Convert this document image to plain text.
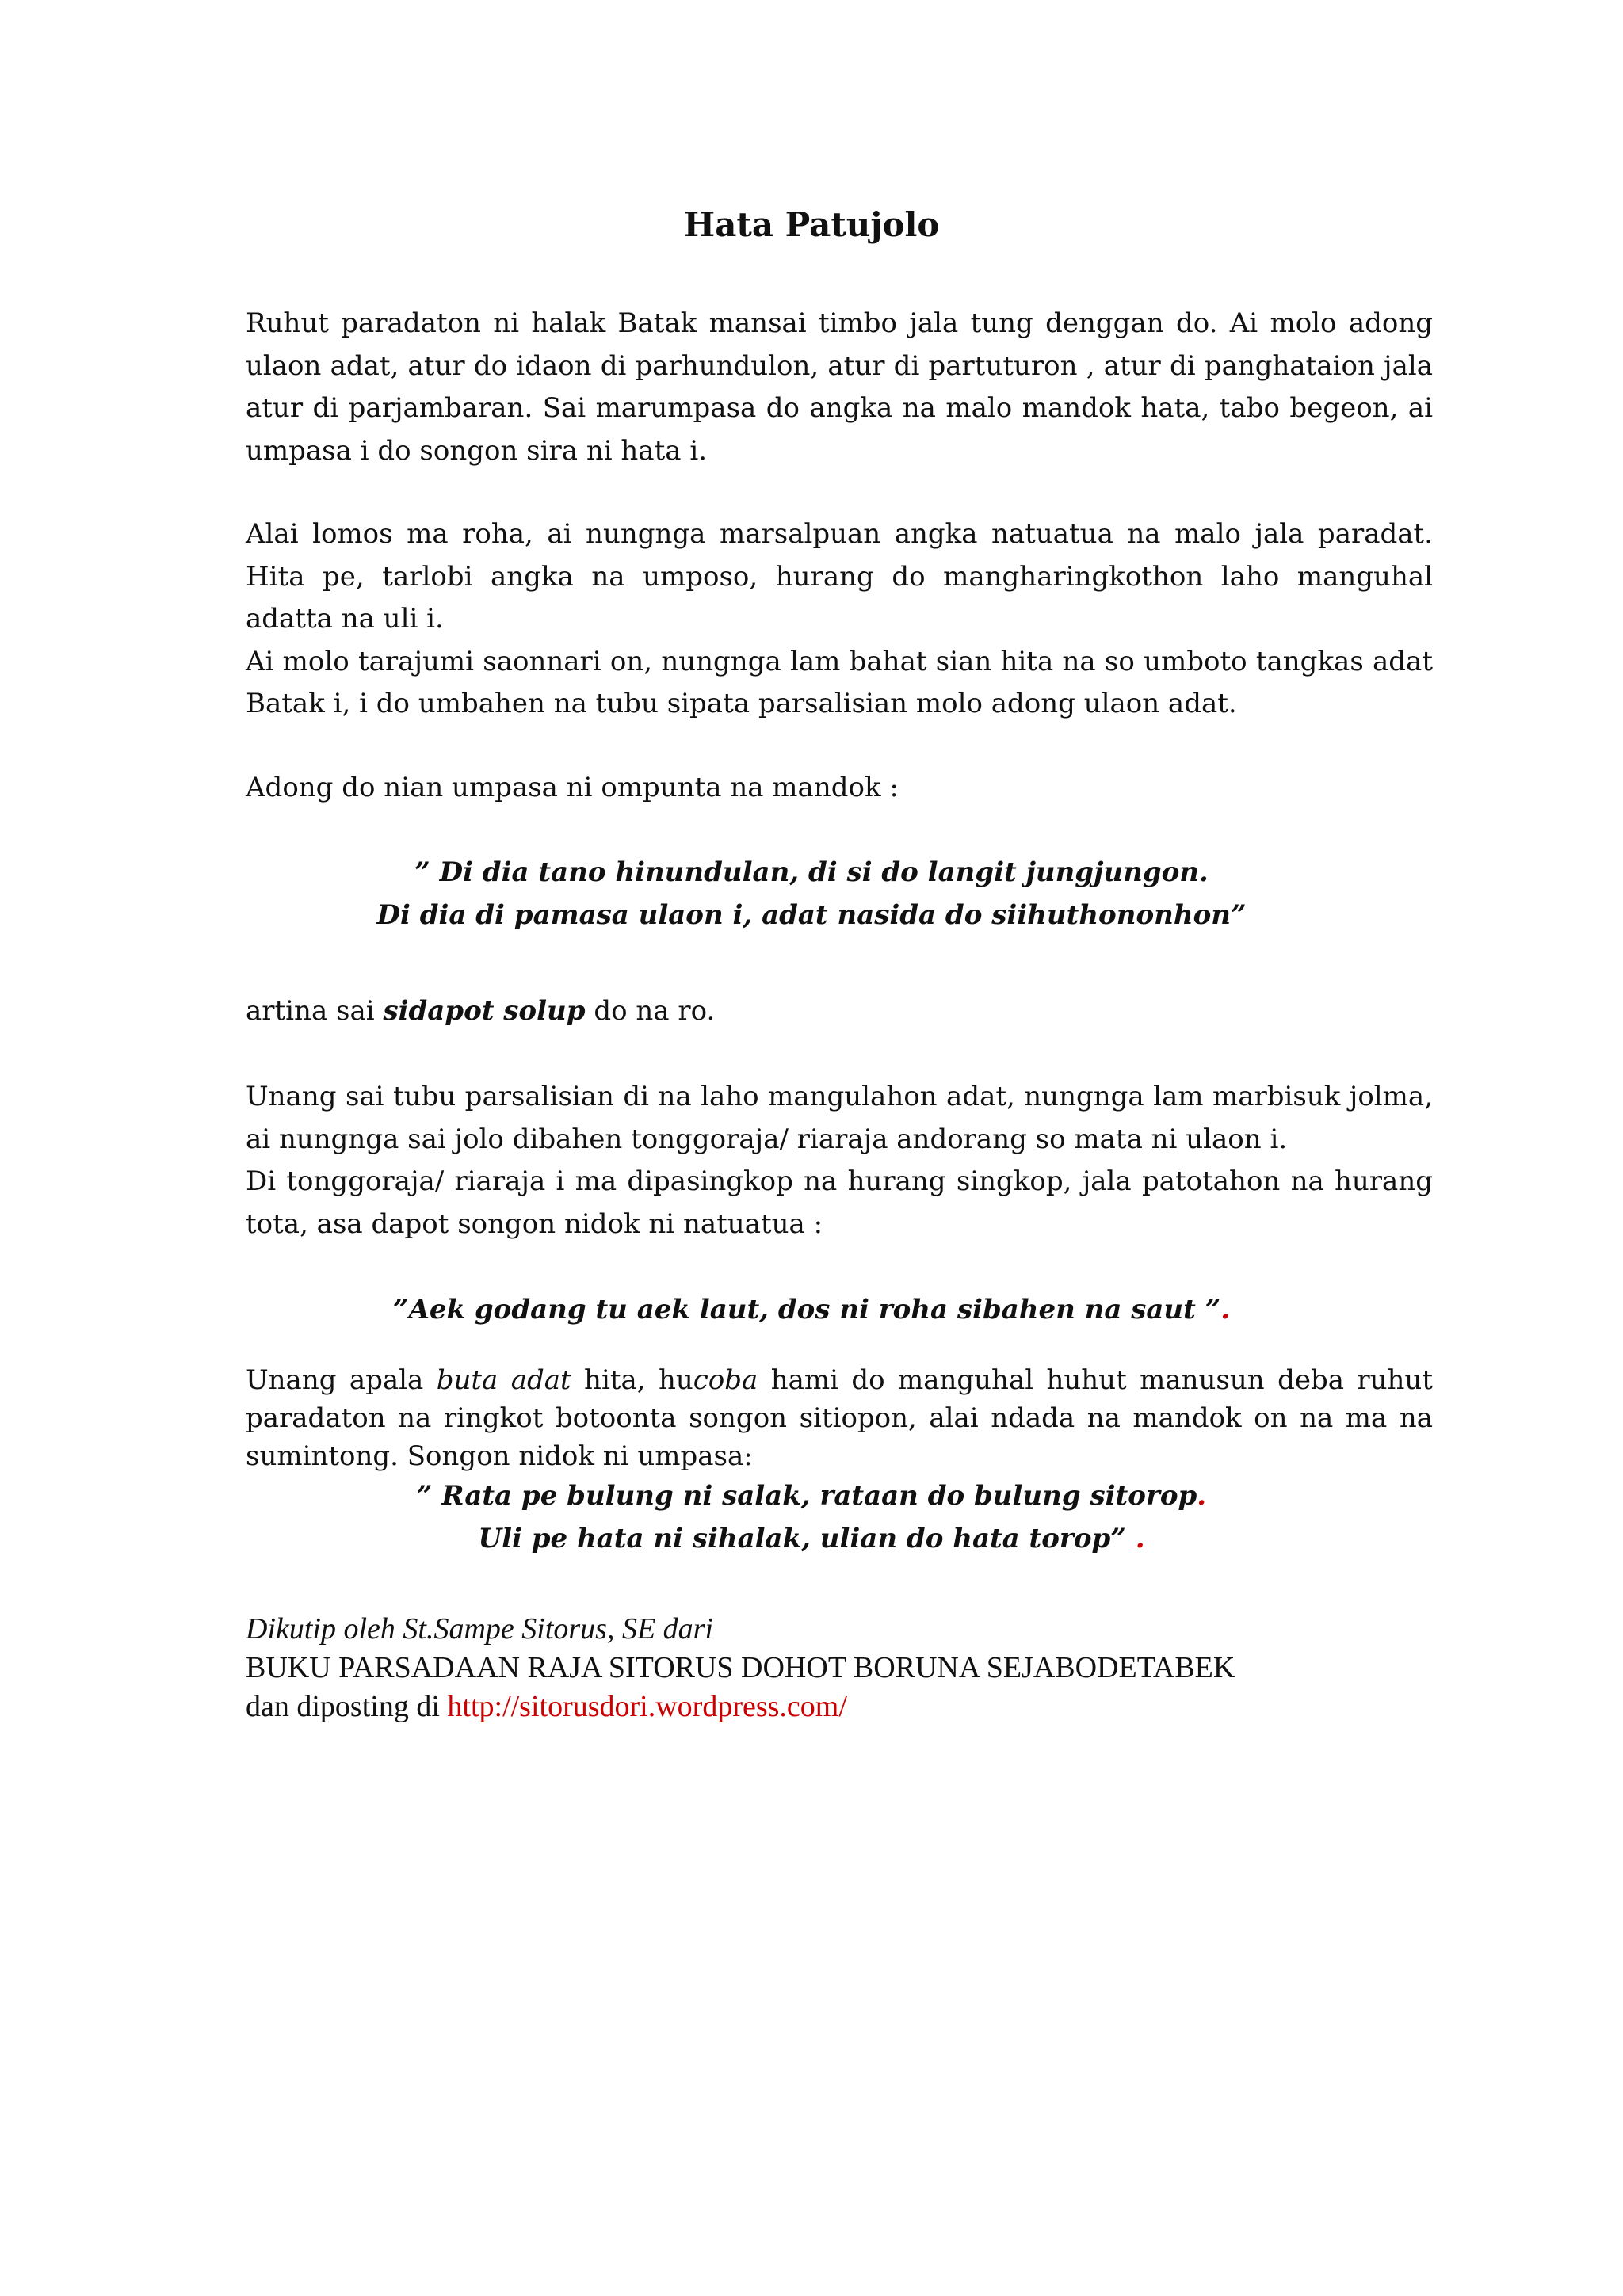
Hata Patujolo

Ruhut paradaton ni halak Batak mansai timbo jala tung denggan do. Ai molo adong ulaon adat, atur do idaon di parhundulon, atur di partuturon , atur di panghataion jala atur di parjambaran. Sai marumpasa do angka na malo mandok hata, tabo begeon, ai umpasa i do songon sira ni hata i.

Alai lomos ma roha, ai nungnga marsalpuan angka natuatua na malo jala paradat. Hita pe, tarlobi angka na umposo, hurang do mangharingkothon laho manguhal adatta na uli i.

Ai molo tarajumi saonnari on, nungnga lam bahat sian hita na so umboto tangkas adat Batak i, i do umbahen na tubu sipata parsalisian molo adong ulaon adat.

Adong do nian umpasa ni ompunta na mandok :

” Di dia tano hinundulan, di si do langit jungjungon.
Di dia di pamasa ulaon i, adat nasida do siihuthononhon”

artina sai sidapot solup do na ro.

Unang sai tubu parsalisian di na laho mangulahon adat, nungnga lam marbisuk jolma, ai nungnga sai jolo dibahen tonggoraja/ riaraja andorang so mata ni ulaon i.

Di tonggoraja/ riaraja i ma dipasingkop na hurang singkop, jala patotahon na hurang tota, asa dapot songon nidok ni natuatua :

”Aek godang tu aek laut, dos ni roha sibahen na saut ”.

Unang apala buta adat hita, hucoba hami do manguhal huhut manusun deba ruhut paradaton na ringkot botoonta songon sitiopon, alai ndada na mandok on na ma na sumintong. Songon nidok ni umpasa:

” Rata pe bulung ni salak, rataan do bulung sitorop.
Uli pe hata ni sihalak, ulian do hata torop” .
Dikutip oleh St.Sampe Sitorus, SE dari
BUKU PARSADAAN RAJA SITORUS DOHOT BORUNA SEJABODETABEK
dan diposting di http://sitorusdori.wordpress.com/
